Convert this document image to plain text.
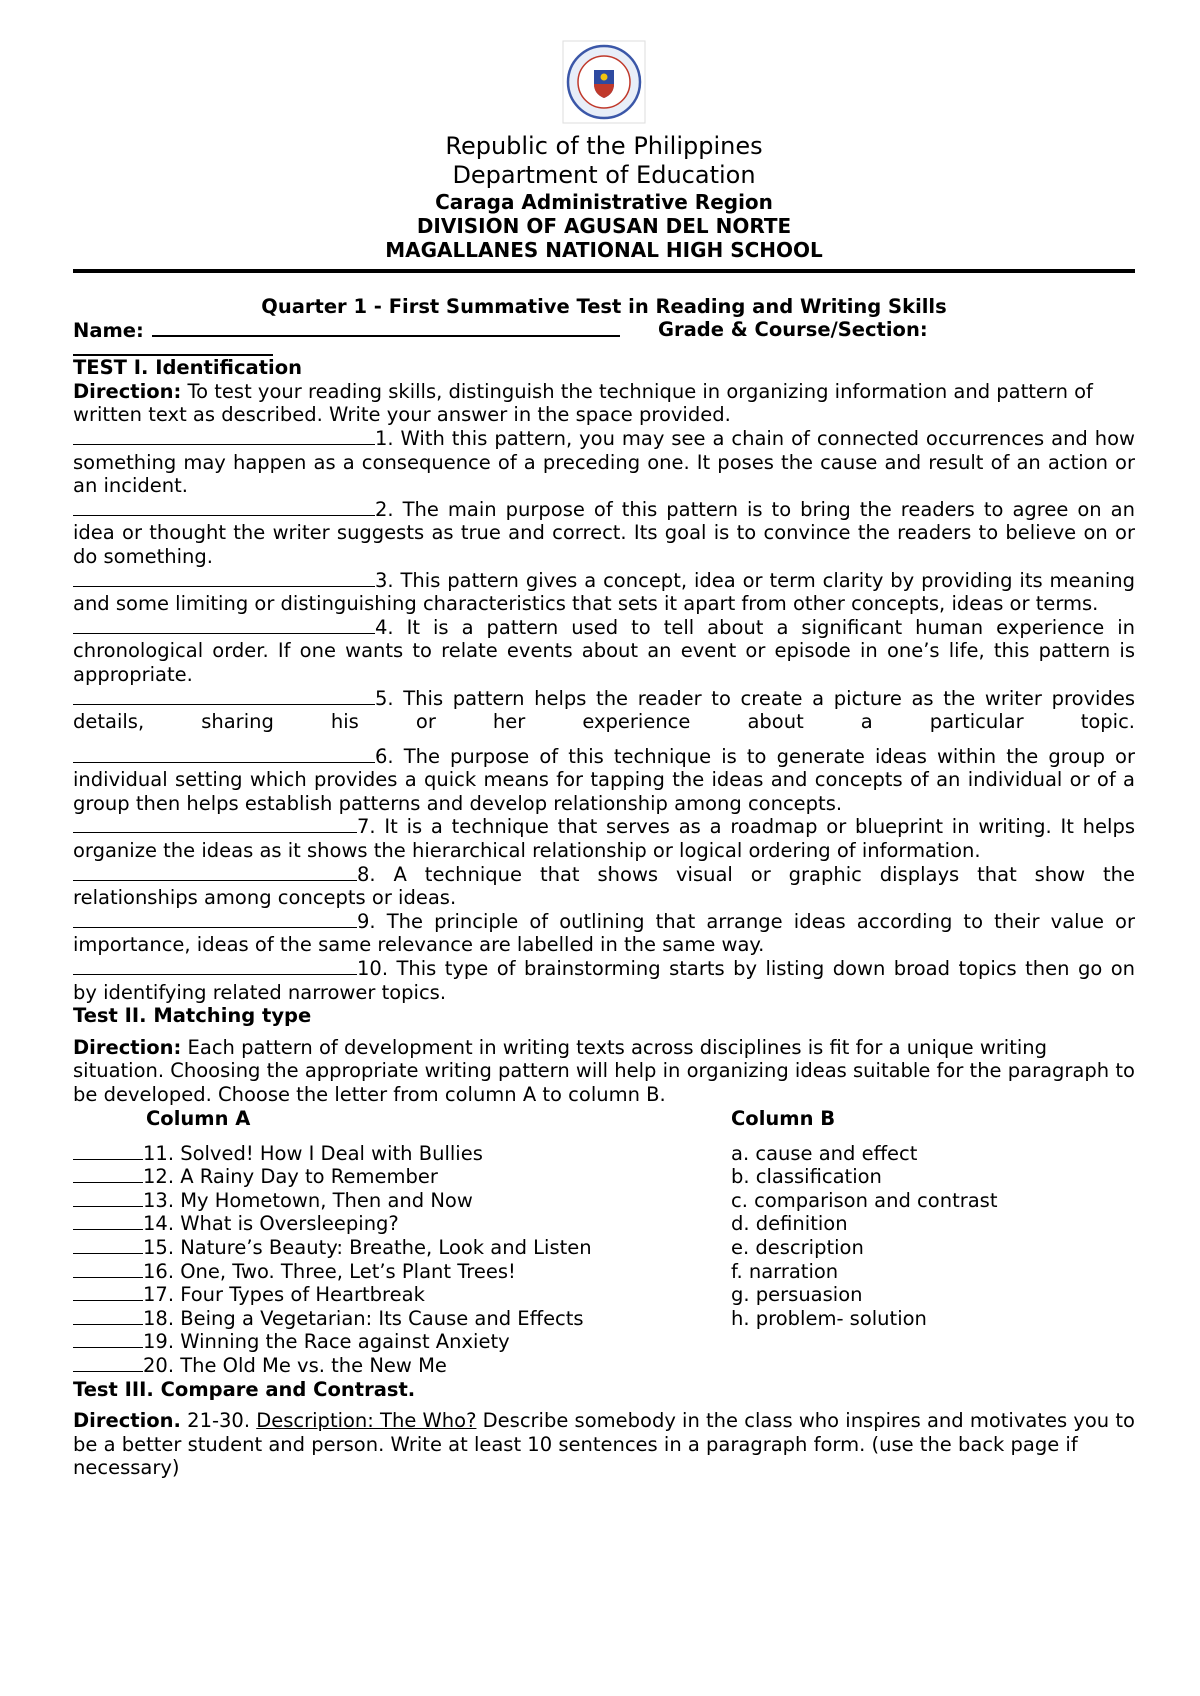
Republic of the Philippines
Department of Education
Caraga Administrative Region
DIVISION OF AGUSAN DEL NORTE
MAGALLANES NATIONAL HIGH SCHOOL
Quarter 1 - First Summative Test in Reading and Writing Skills
Name:	Grade & Course/Section:
TEST I. Identification

Direction: To test your reading skills, distinguish the technique in organizing information and pattern of written text as described. Write your answer in the space provided.

1. With this pattern, you may see a chain of connected occurrences and how something may happen as a consequence of a preceding one. It poses the cause and result of an action or an incident.
2. The main purpose of this pattern is to bring the readers to agree on an idea or thought the writer suggests as true and correct. Its goal is to convince the readers to believe on or do something.
3. This pattern gives a concept, idea or term clarity by providing its meaning and some limiting or distinguishing characteristics that sets it apart from other concepts, ideas or terms.
4. It is a pattern used to tell about a significant human experience in chronological order. If one wants to relate events about an event or episode in one’s life, this pattern is appropriate.
5. This pattern helps the reader to create a picture as the writer provides details, sharing his or her experience about a particular topic.
6. The purpose of this technique is to generate ideas within the group or individual setting which provides a quick means for tapping the ideas and concepts of an individual or of a group then helps establish patterns and develop relationship among concepts.
7. It is a technique that serves as a roadmap or blueprint in writing. It helps organize the ideas as it shows the hierarchical relationship or logical ordering of information.
8. A technique that shows visual or graphic displays that show the relationships among concepts or ideas.
9. The principle of outlining that arrange ideas according to their value or importance, ideas of the same relevance are labelled in the same way.
10. This type of brainstorming starts by listing down broad topics then go on by identifying related narrower topics.
Test II. Matching type

Direction: Each pattern of development in writing texts across disciplines is fit for a unique writing situation. Choosing the appropriate writing pattern will help in organizing ideas suitable for the paragraph to be developed. Choose the letter from column A to column B.

Column A	Column B
11. Solved! How I Deal with Bullies	a. cause and effect
12. A Rainy Day to Remember	b. classification
13. My Hometown, Then and Now	c. comparison and contrast
14. What is Oversleeping?	d. definition
15. Nature’s Beauty: Breathe, Look and Listen	e. description
16. One, Two. Three, Let’s Plant Trees!	f. narration
17. Four Types of Heartbreak	g. persuasion
18. Being a Vegetarian: Its Cause and Effects	h. problem- solution
19. Winning the Race against Anxiety
20. The Old Me vs. the New Me
Test III. Compare and Contrast.

Direction. 21-30. Description: The Who? Describe somebody in the class who inspires and motivates you to be a better student and person. Write at least 10 sentences in a paragraph form. (use the back page if necessary)
